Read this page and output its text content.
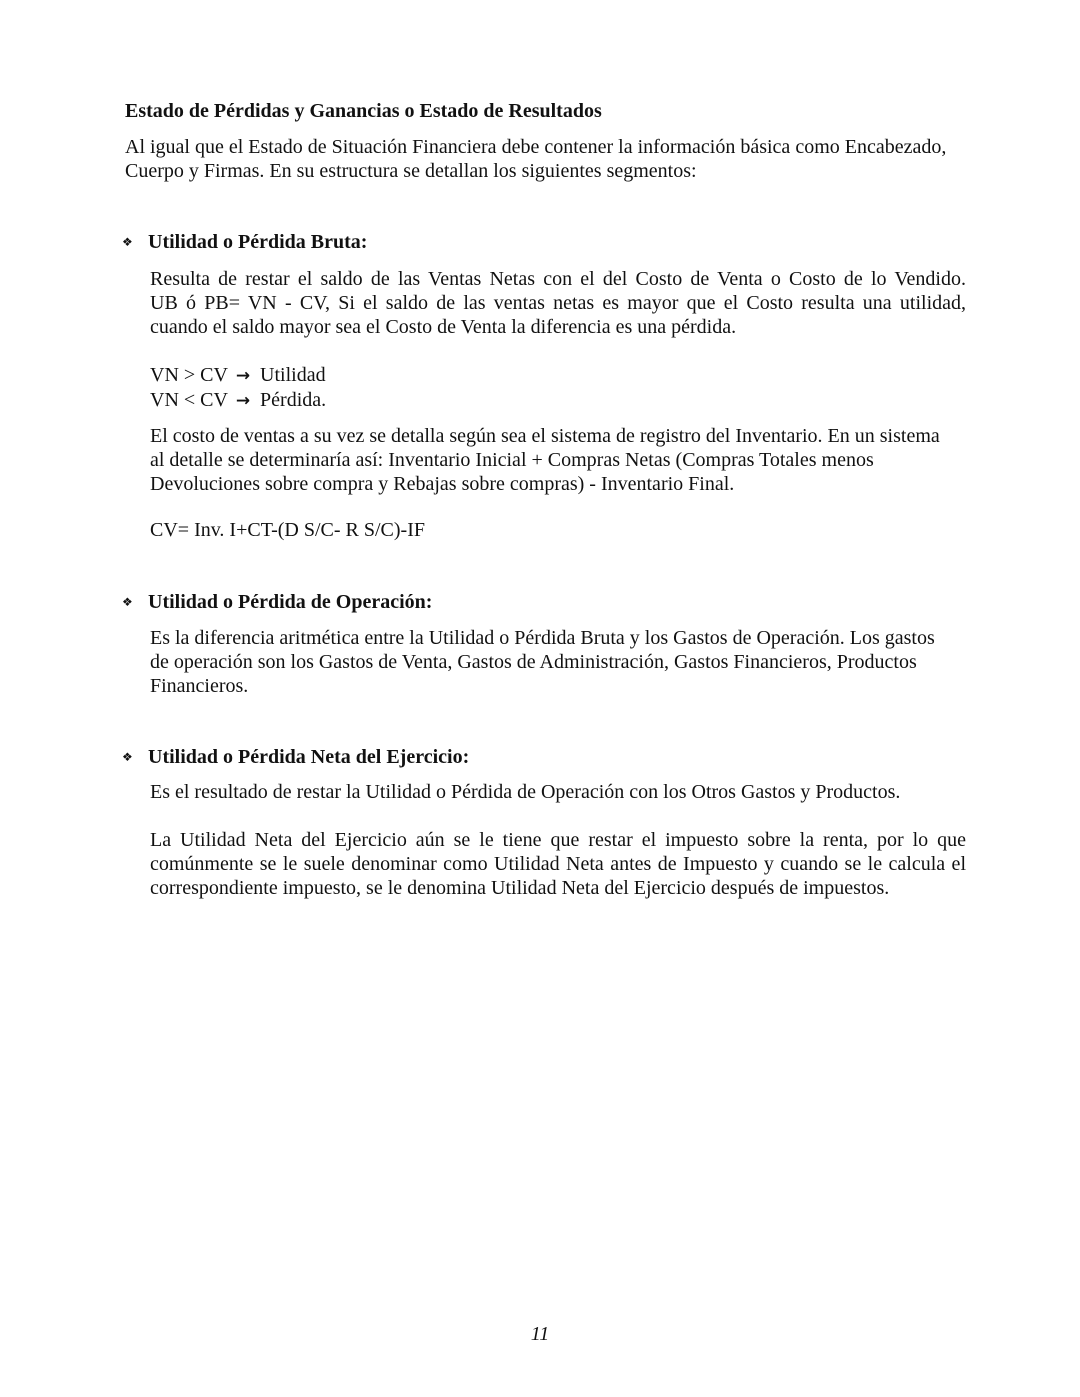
Estado de Pérdidas y Ganancias o Estado de Resultados
Al igual que el Estado de Situación Financiera debe contener la información básica como Encabezado,
Cuerpo y Firmas. En su estructura se detallan los siguientes segmentos:
❖ Utilidad o Pérdida Bruta:
Resulta de restar el saldo de las Ventas Netas con el del Costo de Venta o Costo de lo Vendido.
UB ó PB= VN - CV, Si el saldo de las ventas netas es mayor que el Costo resulta una utilidad,
cuando el saldo mayor sea el Costo de Venta la diferencia es una pérdida.
VN > CV → Utilidad
VN < CV → Pérdida.
El costo de ventas a su vez se detalla según sea el sistema de registro del Inventario. En un sistema
al detalle se determinaría así: Inventario Inicial + Compras Netas (Compras Totales menos
Devoluciones sobre compra y Rebajas sobre compras) - Inventario Final.
CV= Inv. I+CT-(D S/C- R S/C)-IF
❖ Utilidad o Pérdida de Operación:
Es la diferencia aritmética entre la Utilidad o Pérdida Bruta y los Gastos de Operación. Los gastos
de operación son los Gastos de Venta, Gastos de Administración, Gastos Financieros, Productos
Financieros.
❖ Utilidad o Pérdida Neta del Ejercicio:
Es el resultado de restar la Utilidad o Pérdida de Operación con los Otros Gastos y Productos.
La Utilidad Neta del Ejercicio aún se le tiene que restar el impuesto sobre la renta, por lo que
comúnmente se le suele denominar como Utilidad Neta antes de Impuesto y cuando se le calcula el
correspondiente impuesto, se le denomina Utilidad Neta del Ejercicio después de impuestos.
11
